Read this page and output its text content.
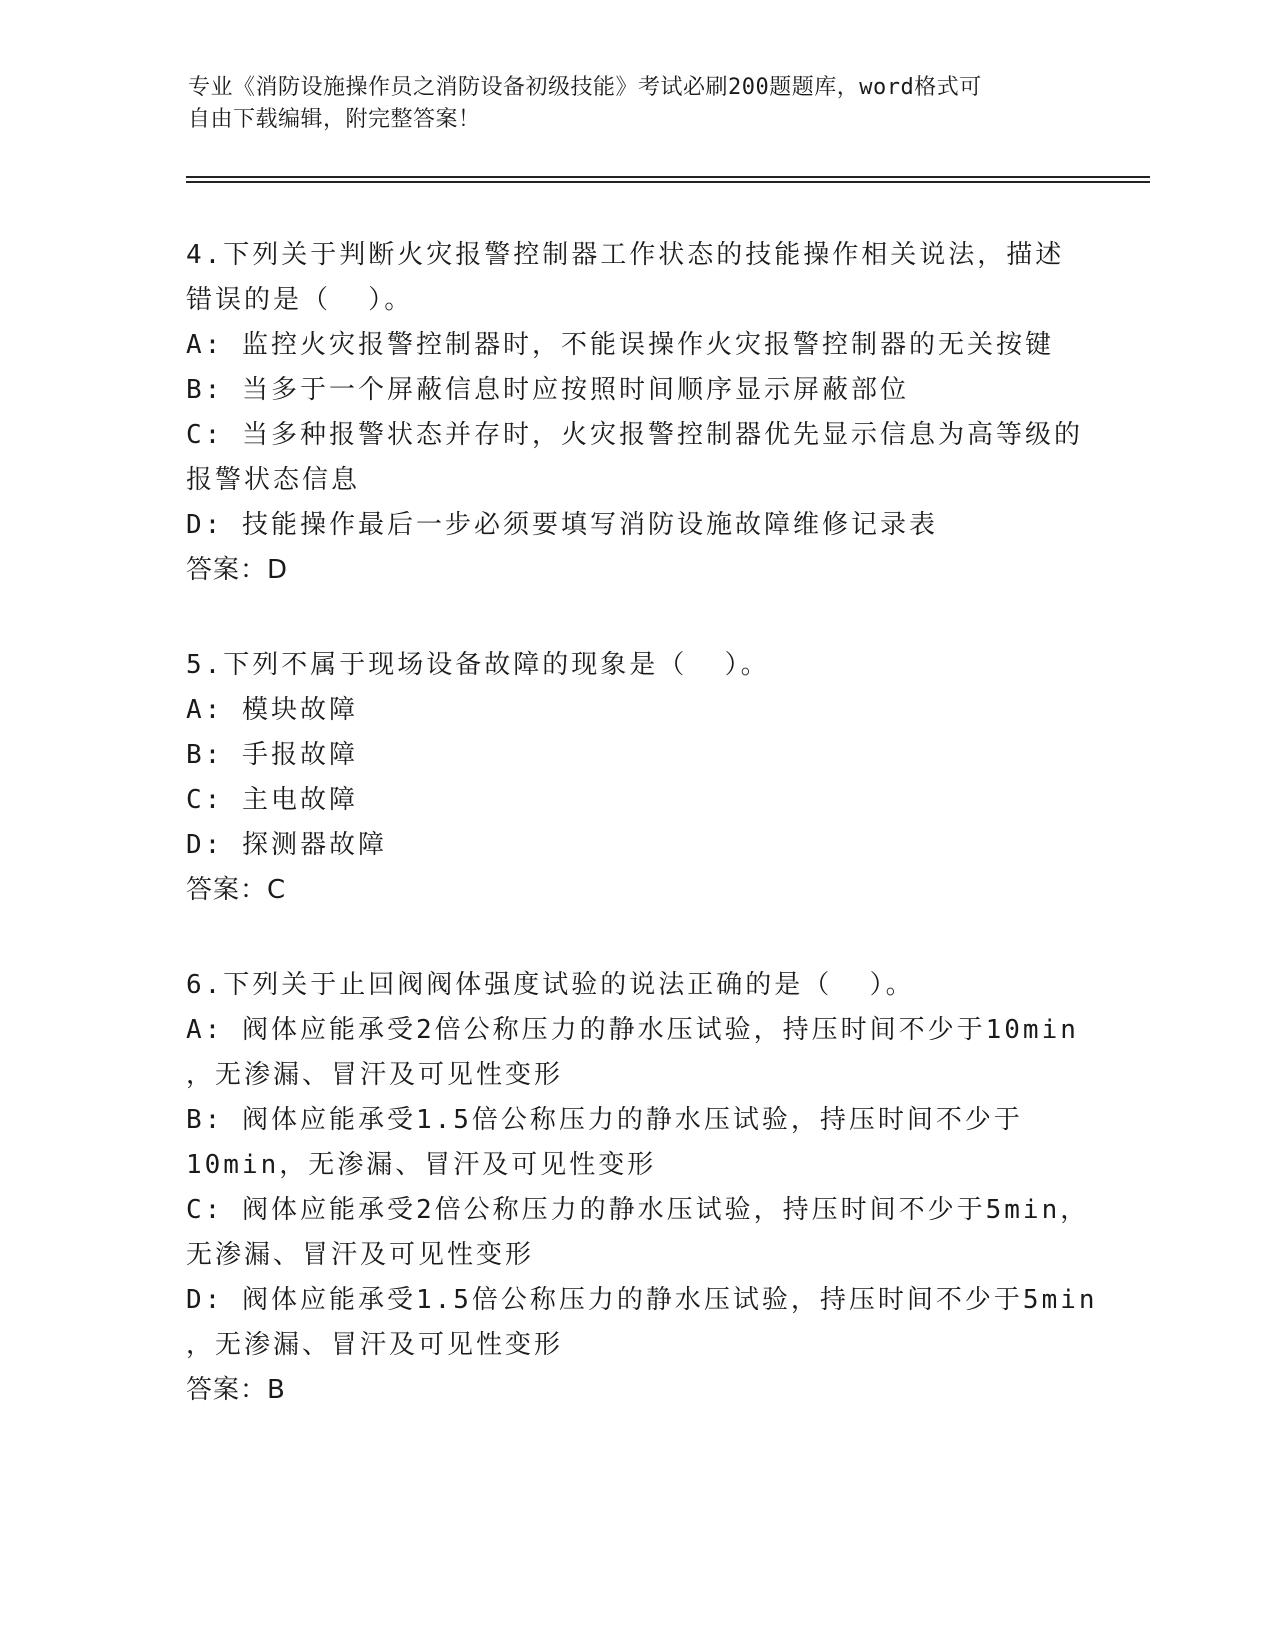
专业《消防设施操作员之消防设备初级技能》考试必刷200题题库，word格式可
自由下载编辑，附完整答案！
4.下列关于判断火灾报警控制器工作状态的技能操作相关说法，描述
错误的是（  ）。
A: 监控火灾报警控制器时，不能误操作火灾报警控制器的无关按键
B: 当多于一个屏蔽信息时应按照时间顺序显示屏蔽部位
C: 当多种报警状态并存时，火灾报警控制器优先显示信息为高等级的
报警状态信息
D: 技能操作最后一步必须要填写消防设施故障维修记录表
答案：D
5.下列不属于现场设备故障的现象是（  ）。
A: 模块故障
B: 手报故障
C: 主电故障
D: 探测器故障
答案：C
6.下列关于止回阀阀体强度试验的说法正确的是（  ）。
A: 阀体应能承受2倍公称压力的静水压试验，持压时间不少于10min
，无渗漏、冒汗及可见性变形
B: 阀体应能承受1.5倍公称压力的静水压试验，持压时间不少于
10min，无渗漏、冒汗及可见性变形
C: 阀体应能承受2倍公称压力的静水压试验，持压时间不少于5min，
无渗漏、冒汗及可见性变形
D: 阀体应能承受1.5倍公称压力的静水压试验，持压时间不少于5min
，无渗漏、冒汗及可见性变形
答案：B
